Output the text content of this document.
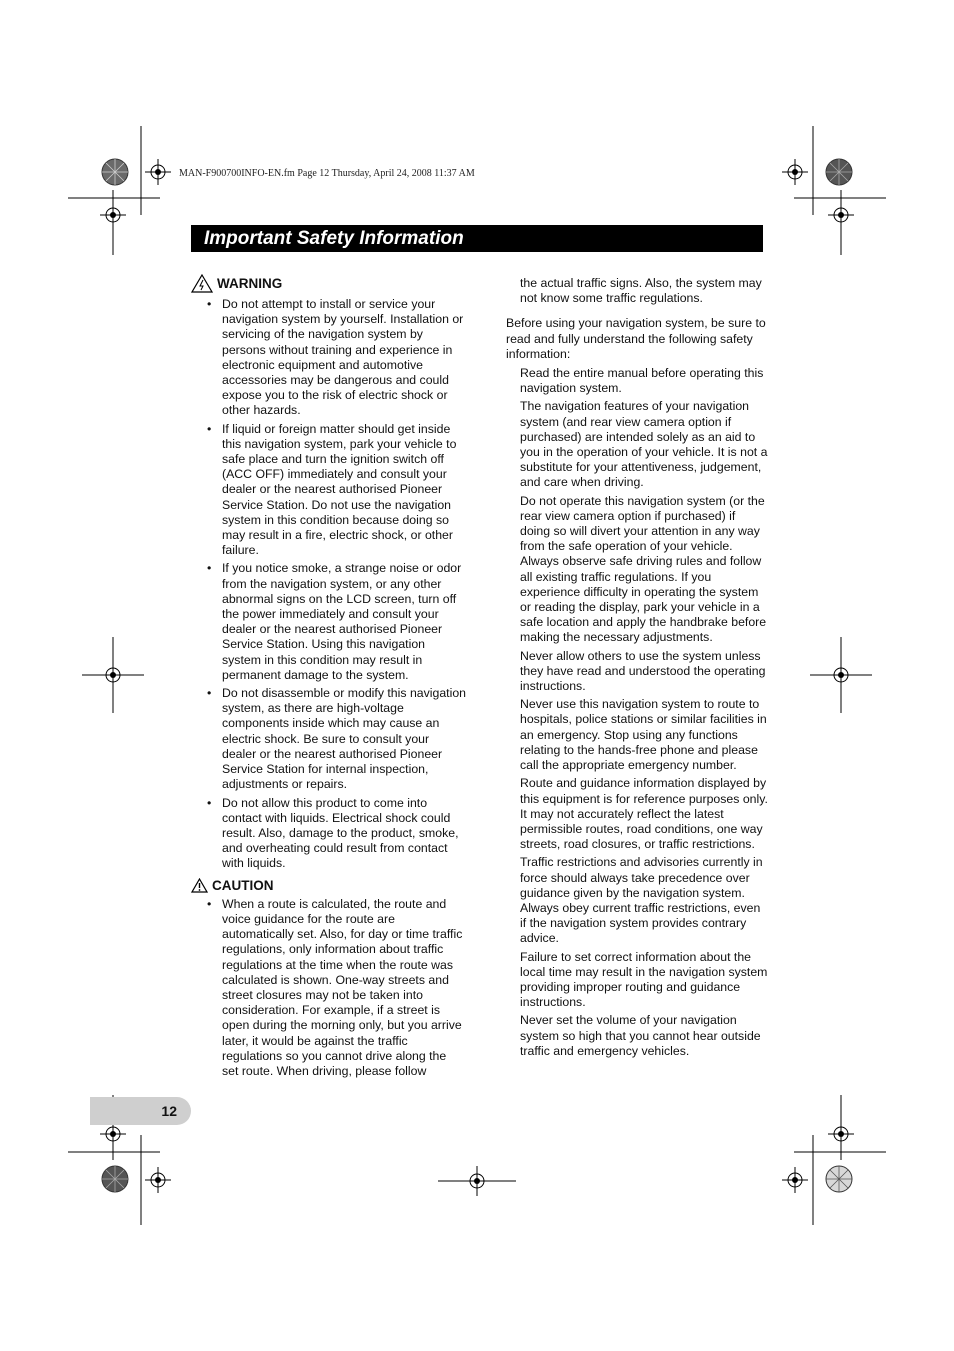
MAN-F900700INFO-EN.fm Page 12 Thursday, April 24, 2008 11:37 AM
Important Safety Information
WARNING
• Do not attempt to install or service your navigation system by yourself. Installation or servicing of the navigation system by persons without training and experience in electronic equipment and automotive accessories may be dangerous and could expose you to the risk of electric shock or other hazards.
• If liquid or foreign matter should get inside this navigation system, park your vehicle to safe place and turn the ignition switch off (ACC OFF) immediately and consult your dealer or the nearest authorised Pioneer Service Station. Do not use the navigation system in this condition because doing so may result in a fire, electric shock, or other failure.
• If you notice smoke, a strange noise or odor from the navigation system, or any other abnormal signs on the LCD screen, turn off the power immediately and consult your dealer or the nearest authorised Pioneer Service Station. Using this navigation system in this condition may result in permanent damage to the system.
• Do not disassemble or modify this navigation system, as there are high-voltage components inside which may cause an electric shock. Be sure to consult your dealer or the nearest authorised Pioneer Service Station for internal inspection, adjustments or repairs.
• Do not allow this product to come into contact with liquids. Electrical shock could result. Also, damage to the product, smoke, and overheating could result from contact with liquids.
CAUTION
• When a route is calculated, the route and voice guidance for the route are automatically set. Also, for day or time traffic regulations, only information about traffic regulations at the time when the route was calculated is shown. One-way streets and street closures may not be taken into consideration. For example, if a street is open during the morning only, but you arrive later, it would be against the traffic regulations so you cannot drive along the set route. When driving, please follow

the actual traffic signs. Also, the system may not know some traffic regulations.

Before using your navigation system, be sure to read and fully understand the following safety information:

Read the entire manual before operating this navigation system.

The navigation features of your navigation system (and rear view camera option if purchased) are intended solely as an aid to you in the operation of your vehicle. It is not a substitute for your attentiveness, judgement, and care when driving.

Do not operate this navigation system (or the rear view camera option if purchased) if doing so will divert your attention in any way from the safe operation of your vehicle. Always observe safe driving rules and follow all existing traffic regulations. If you experience difficulty in operating the system or reading the display, park your vehicle in a safe location and apply the handbrake before making the necessary adjustments.

Never allow others to use the system unless they have read and understood the operating instructions.

Never use this navigation system to route to hospitals, police stations or similar facilities in an emergency. Stop using any functions relating to the hands-free phone and please call the appropriate emergency number.

Route and guidance information displayed by this equipment is for reference purposes only. It may not accurately reflect the latest permissible routes, road conditions, one way streets, road closures, or traffic restrictions.

Traffic restrictions and advisories currently in force should always take precedence over guidance given by the navigation system. Always obey current traffic restrictions, even if the navigation system provides contrary advice.

Failure to set correct information about the local time may result in the navigation system providing improper routing and guidance instructions.

Never set the volume of your navigation system so high that you cannot hear outside traffic and emergency vehicles.

12
